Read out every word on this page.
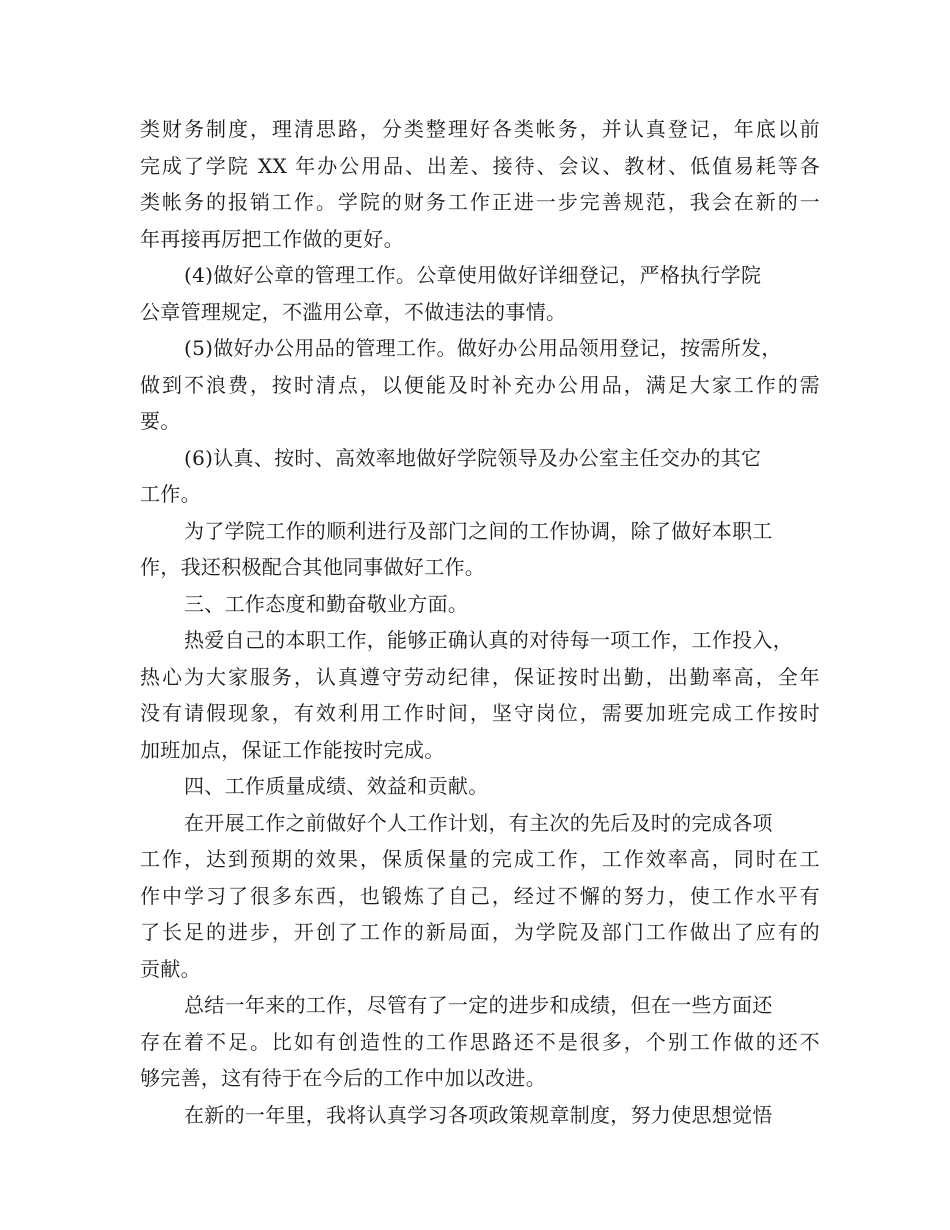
类财务制度，理清思路，分类整理好各类帐务，并认真登记，年底以前
完成了学院 XX 年办公用品、出差、接待、会议、教材、低值易耗等各
类帐务的报销工作。学院的财务工作正进一步完善规范，我会在新的一
年再接再厉把工作做的更好。
(4)做好公章的管理工作。公章使用做好详细登记，严格执行学院
公章管理规定，不滥用公章，不做违法的事情。
(5)做好办公用品的管理工作。做好办公用品领用登记，按需所发，
做到不浪费，按时清点，以便能及时补充办公用品，满足大家工作的需
要。
(6)认真、按时、高效率地做好学院领导及办公室主任交办的其它
工作。
为了学院工作的顺利进行及部门之间的工作协调，除了做好本职工
作，我还积极配合其他同事做好工作。
三、工作态度和勤奋敬业方面。
热爱自己的本职工作，能够正确认真的对待每一项工作，工作投入，
热心为大家服务，认真遵守劳动纪律，保证按时出勤，出勤率高，全年
没有请假现象，有效利用工作时间，坚守岗位，需要加班完成工作按时
加班加点，保证工作能按时完成。
四、工作质量成绩、效益和贡献。
在开展工作之前做好个人工作计划，有主次的先后及时的完成各项
工作，达到预期的效果，保质保量的完成工作，工作效率高，同时在工
作中学习了很多东西，也锻炼了自己，经过不懈的努力，使工作水平有
了长足的进步，开创了工作的新局面，为学院及部门工作做出了应有的
贡献。
总结一年来的工作，尽管有了一定的进步和成绩，但在一些方面还
存在着不足。比如有创造性的工作思路还不是很多，个别工作做的还不
够完善，这有待于在今后的工作中加以改进。
在新的一年里，我将认真学习各项政策规章制度，努力使思想觉悟
